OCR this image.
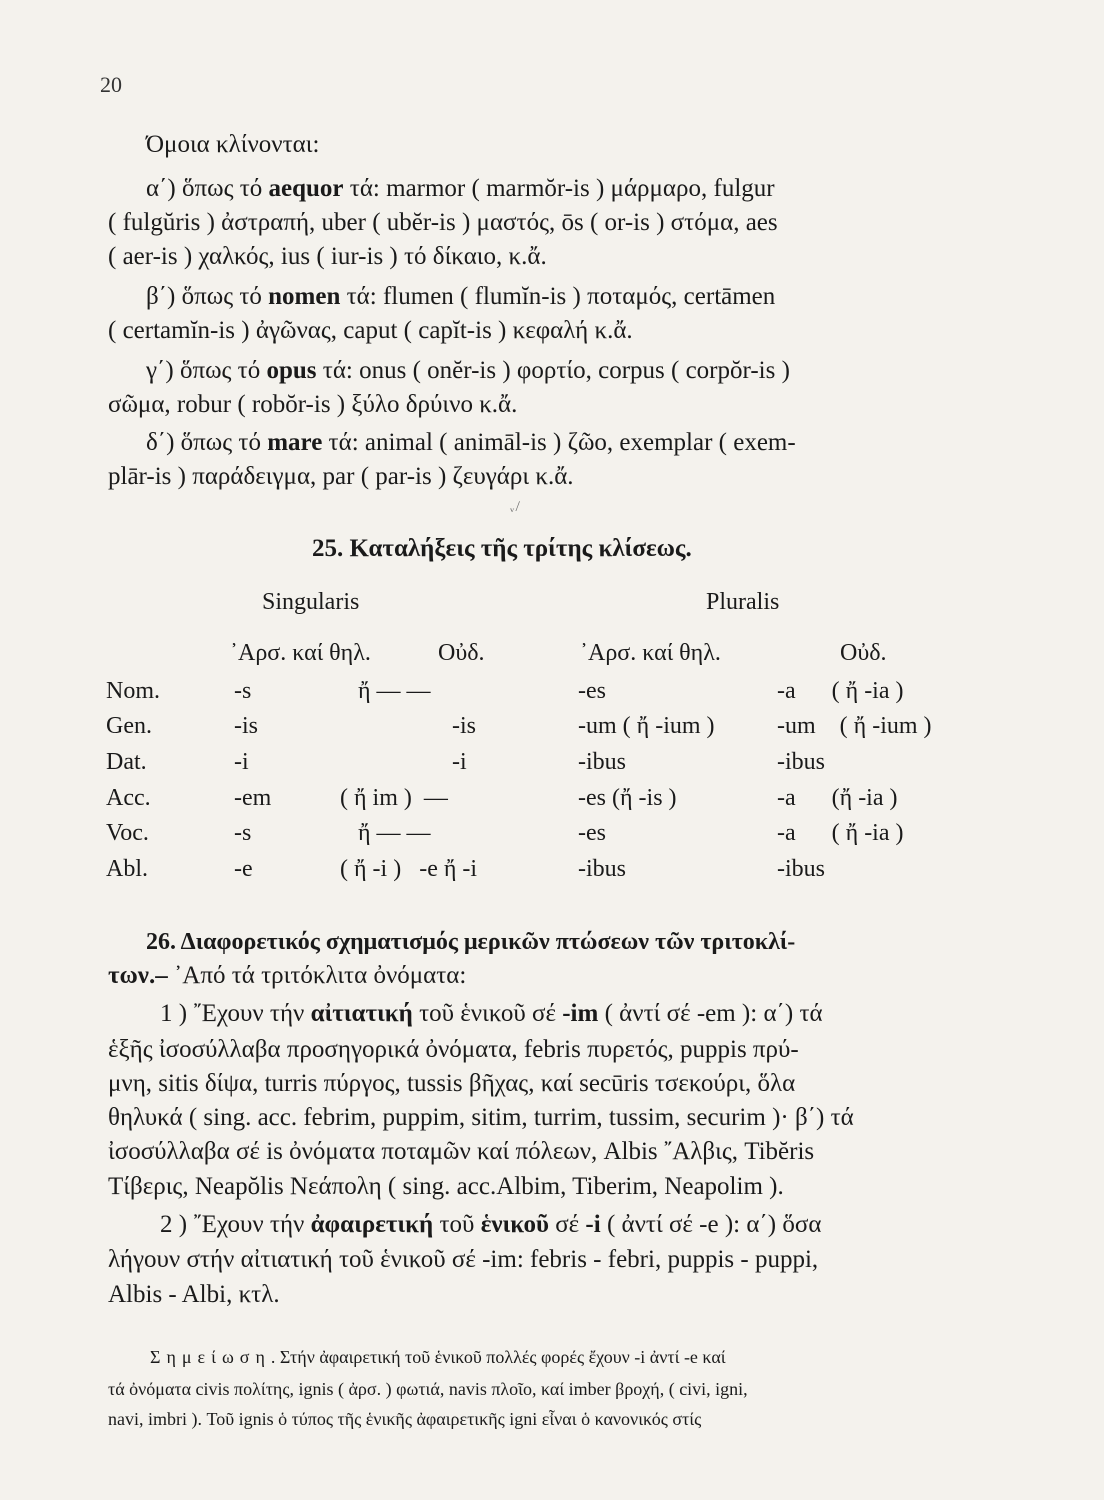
20
Όμοια κλίνονται:
α΄) ὅπως τό aequor τά: marmor ( marmŏr-is ) μάρμαρο, fulgur
( fulgŭris ) ἀστραπή, uber ( ubĕr-is ) μαστός, ōs ( or-is ) στόμα, aes
( aer-is ) χαλκός, ius ( iur-is ) τό δίκαιο, κ.ἄ.
β΄) ὅπως τό nomen τά: flumen ( flumĭn-is ) ποταμός, certāmen
( certamĭn-is ) ἀγῶνας, caput ( capĭt-is ) κεφαλή κ.ἄ.
γ΄) ὅπως τό opus τά: onus ( onĕr-is ) φορτίο, corpus ( corpŏr-is )
σῶμα, robur ( robŏr-is ) ξύλο δρύινο κ.ἄ.
δ΄) ὅπως τό mare τά: animal ( animāl-is ) ζῶο, exemplar ( exem-
plār-is ) παράδειγμα, par ( par-is ) ζευγάρι κ.ἄ.
ᵥ ̸
25. Καταλήξεις τῆς τρίτης κλίσεως.
Singularis	Pluralis
᾽Αρσ. καί θηλ.	Οὐδ.	᾽Αρσ. καί θηλ.	Οὐδ.
Nom.	-s	ἤ — —	-es	-a      ( ἤ -ia )
Gen.	-is	-is	-um ( ἤ -ium )	-um    ( ἤ -ium )
Dat.	-i	-i	-ibus	-ibus
Acc.	-em	( ἤ im )  —	-es (ἤ -is )	-a      (ἤ -ia )
Voc.	-s	ἤ — —	-es	-a      ( ἤ -ia )
Abl.	-e	( ἤ -i )   -e ἤ -i	-ibus	-ibus
26. Διαφορετικός σχηματισμός μερικῶν πτώσεων τῶν τριτοκλί-
των.– ᾽Από τά τριτόκλιτα ὀνόματα:
1 ) ῎Εχουν τήν αἰτιατική τοῦ ἑνικοῦ σέ -im ( ἀντί σέ -em ): α΄) τά
ἑξῆς ἰσοσύλλαβα προσηγορικά ὀνόματα, febris πυρετός, puppis πρύ-
μνη, sitis δίψα, turris πύργος, tussis βῆχας, καί secūris τσεκούρι, ὅλα
θηλυκά ( sing. acc. febrim, puppim, sitim, turrim, tussim, securim )· β΄) τά
ἰσοσύλλαβα σέ is ὀνόματα ποταμῶν καί πόλεων, Albis ῎Αλβις, Tibĕris
Τίβερις, Neapŏlis Νεάπολη ( sing. acc.Albim, Tiberim, Neapolim ).
2 ) ῎Εχουν τήν ἀφαιρετική τοῦ ἑνικοῦ σέ -i ( ἀντί σέ -e ): α΄) ὅσα
λήγουν στήν αἰτιατική τοῦ ἑνικοῦ σέ -im: febris - febri, puppis - puppi,
Albis - Albi, κτλ.
Σημείωση. Στήν ἀφαιρετική τοῦ ἑνικοῦ πολλές φορές ἔχουν -i ἀντί -e καί
τά ὀνόματα civis πολίτης, ignis ( ἀρσ. ) φωτιά, navis πλοῖο, καί imber βροχή, ( civi, igni,
navi, imbri ). Τοῦ ignis ὁ τύπος τῆς ἑνικῆς ἀφαιρετικῆς igni εἶναι ὁ κανονικός στίς
